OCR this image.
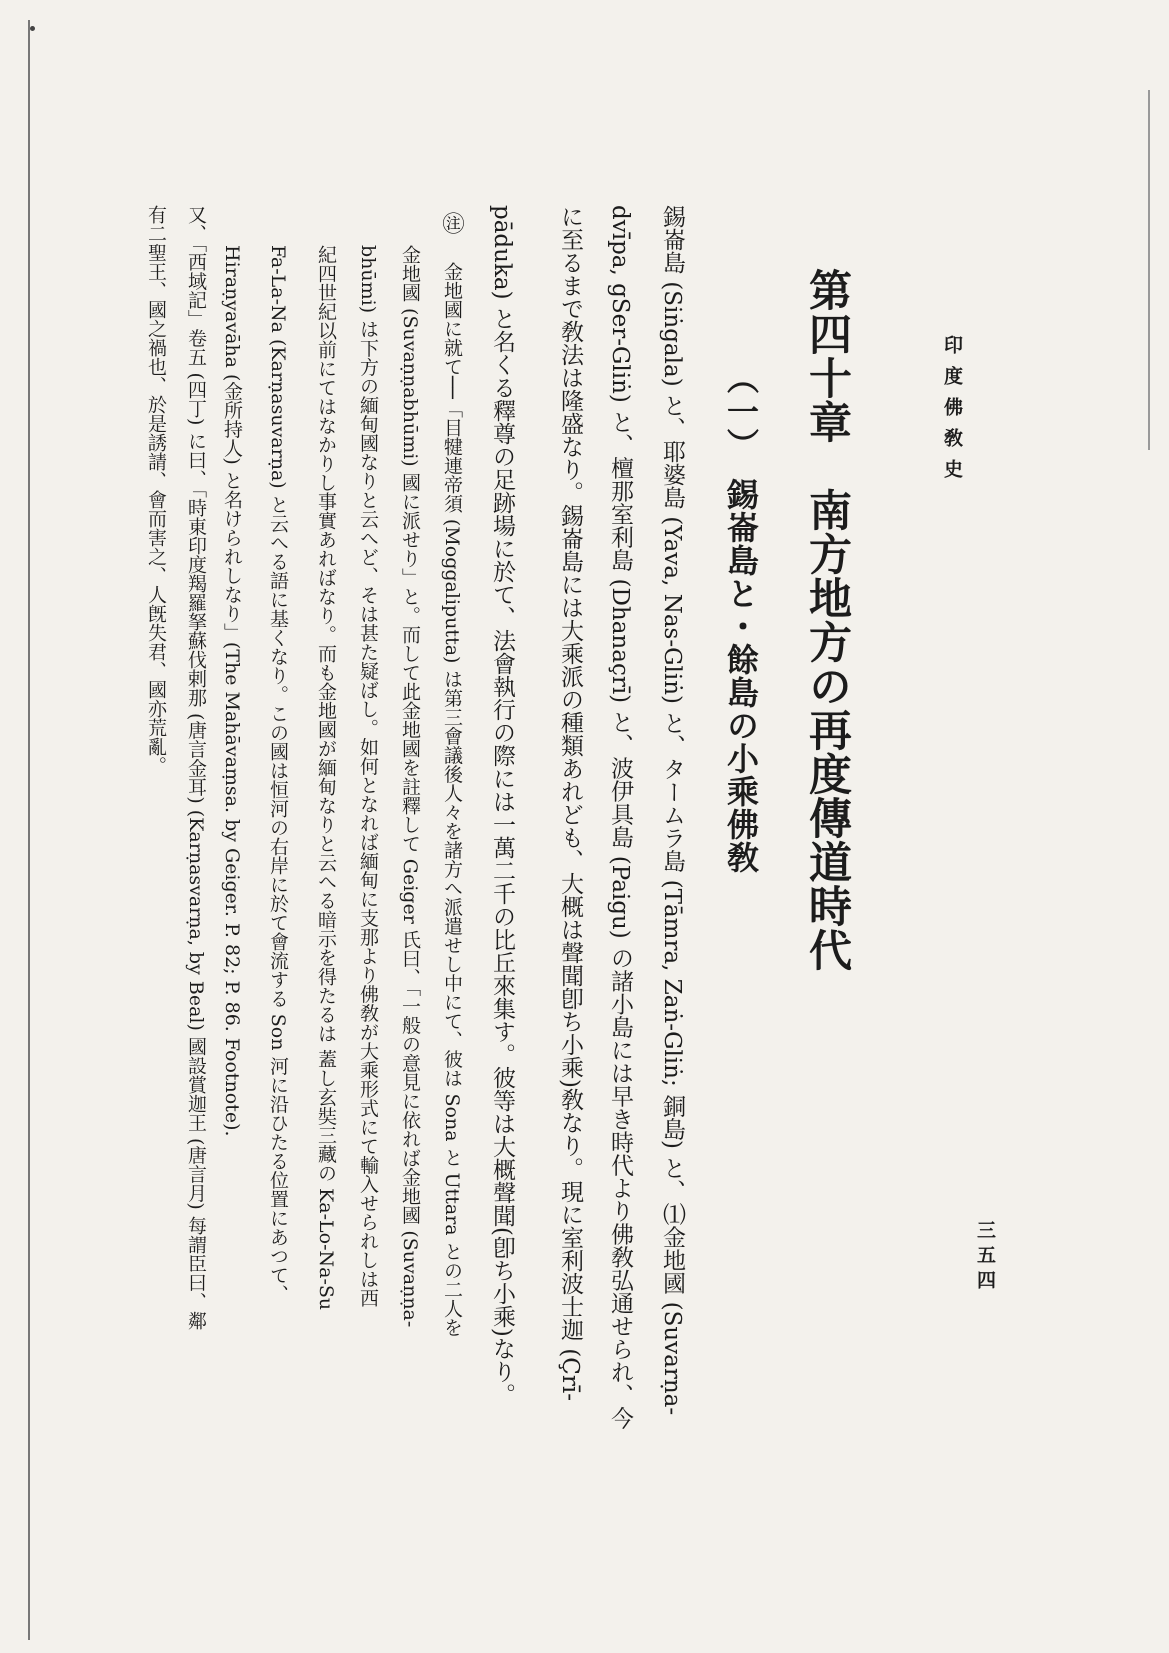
印度佛敎史
三五四
第四十章　南方地方の再度傳道時代
（一）　錫崙島と・餘島の小乘佛敎
錫崙島 (Siṅgala) と、耶婆島 (Yava, Nas-Gliṅ) と、タームラ島 (Tāmra, Zaṅ-Gliṅ; 銅島) と、⑴金地國 (Suvarṇa-
dvīpa, gSer-Gliṅ) と、檀那室利島 (Dhanaçrī) と、波伊具島 (Paigu) の諸小島には早き時代より佛敎弘通せられ、今
に至るまで敎法は隆盛なり。錫崙島には大乘派の種類あれども、大概は聲聞卽ち小乘)敎なり。現に室利波士迦 (Çrī-
pāduka) と名くる釋尊の足跡場に於て、法會執行の際には一萬二千の比丘來集す。彼等は大概聲聞(卽ち小乘)なり。
㊟
金地國に就て──「目犍連帝須 (Moggaliputta) は第三會議後人々を諸方へ派遣せし中にて、彼は Sona と Uttara との二人を
金地國 (Suvaṇṇabhūmi) 國に派せり」と。而して此金地國を註釋して Geiger 氏曰、「一般の意見に依れば金地國 (Suvaṇṇa-
bhūmi) は下方の緬甸國なりと云へど、そは甚た疑ばし。如何となれば緬甸に支那より佛敎が大乘形式にて輸入せられしは西
紀四世紀以前にてはなかりし事實あればなり。而も金地國が緬甸なりと云へる暗示を得たるは 蓋し玄奘三藏の Ka-Lo-Na-Su
Fa-La-Na (Karṇasuvarṇa) と云へる語に基くなり。この國は恒河の右岸に於て會流する Son 河に沿ひたる位置にあつて、
Hiraṇyavāha (金所持人) と名けられしなり」(The Mahāvaṃsa. by Geiger. P. 82; P. 86. Footnote).
又、「西域記」卷五 (四丁) に曰、「時東印度羯羅拏蘇伐剌那 (唐言金耳) (Karṇasvarṇa, by Beal) 國設賞迦王 (唐言月) 每謂臣曰、鄰
有二聖王、國之禍也、於是誘請、會而害之、人旣失君、國亦荒亂。
